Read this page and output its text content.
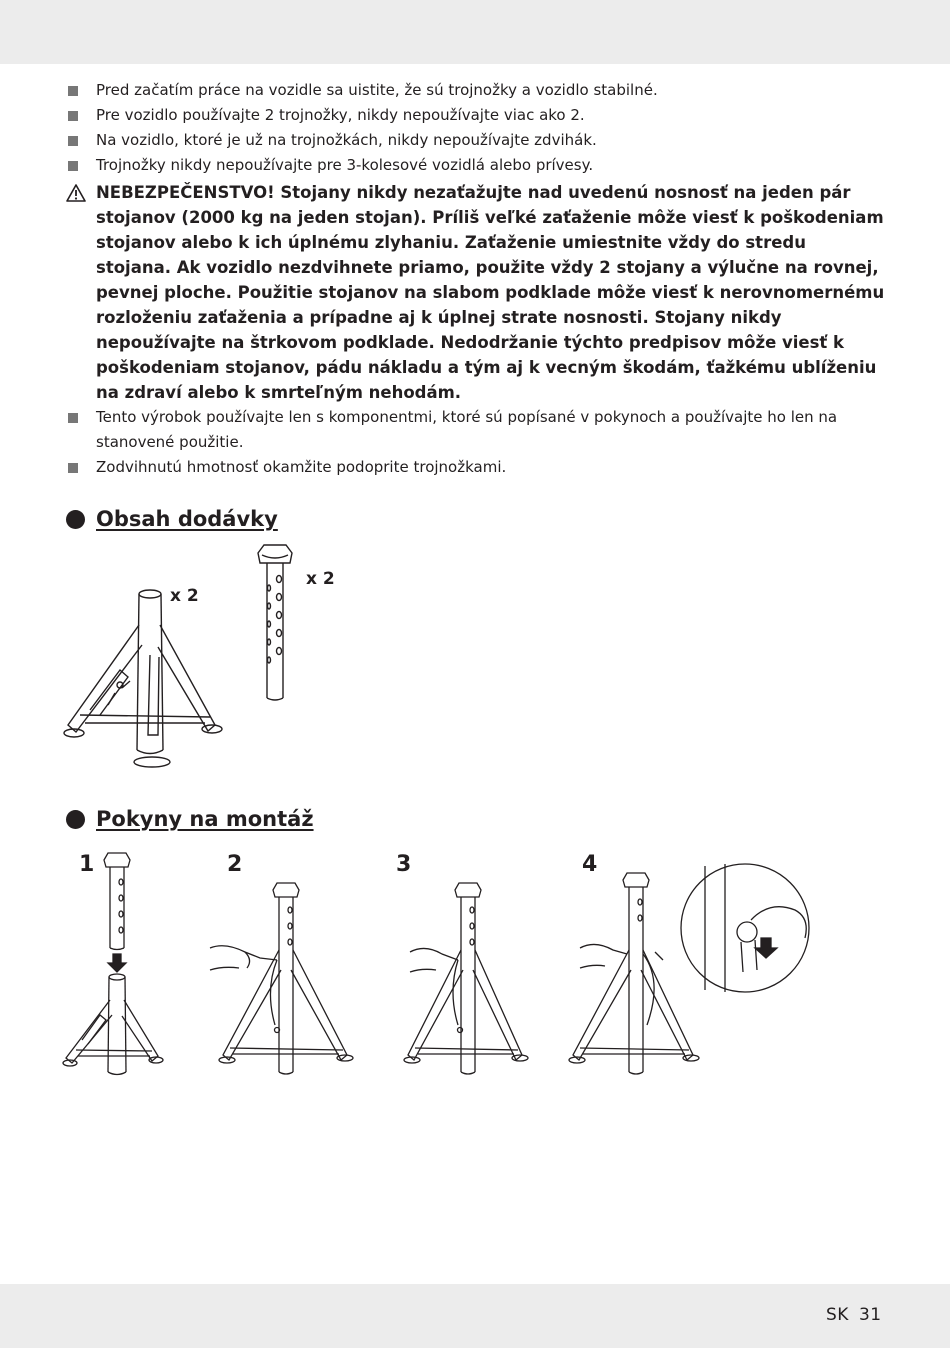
Pred začatím práce na vozidle sa uistite, že sú trojnožky a vozidlo stabilné.
Pre vozidlo používajte 2 trojnožky, nikdy nepoužívajte viac ako 2.
Na vozidlo, ktoré je už na trojnožkách, nikdy nepoužívajte zdvihák.
Trojnožky nikdy nepoužívajte pre 3-kolesové vozidlá alebo prívesy.
NEBEZPEČENSTVO! Stojany nikdy nezaťažujte nad uvedenú nosnosť na jeden pár stojanov (2000 kg na jeden stojan). Príliš veľké zaťaženie môže viesť k poškodeniam stojanov alebo k ich úplnému zlyhaniu. Zaťaženie umiestnite vždy do stredu stojana. Ak vozidlo nezdvihnete priamo, použite vždy 2 stojany a výlučne na rovnej, pevnej ploche. Použitie stojanov na slabom podklade môže viesť k nerovnomernému rozloženiu zaťaženia a prípadne aj k úplnej strate nosnosti. Stojany nikdy nepoužívajte na štrkovom podklade. Nedodržanie týchto predpisov môže viesť k poškodeniam stojanov, pádu nákladu a tým aj k vecným škodám, ťažkému ublíženiu na zdraví alebo k smrteľným nehodám.
Tento výrobok používajte len s komponentmi, ktoré sú popísané v pokynoch a používajte ho len na stanovené použitie.
Zodvihnutú hmotnosť okamžite podoprite trojnožkami.
Obsah dodávky
x 2
x 2
Pokyny na montáž
1	2	3	4
SK 31
